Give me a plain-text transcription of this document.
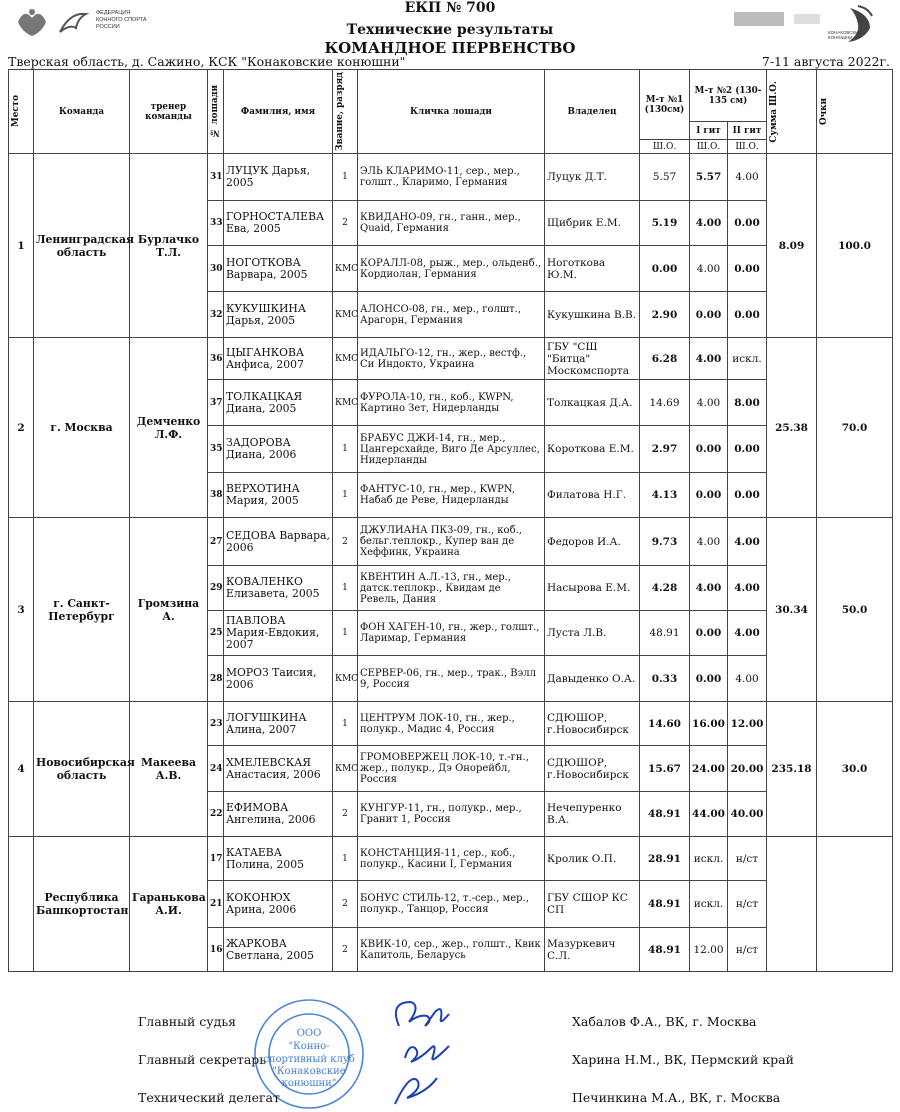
ФЕДЕРАЦИЯ
КОННОГО СПОРТА
РОССИИ
ЕКП № 700
Технические результаты
КОМАНДНОЕ ПЕРВЕНСТВО
КОНАКОВСКИЕ
КОНЮШНИ
Тверская область, д. Сажино, КСК "Конаковские конюшни"	7-11 августа 2022г.
Место	Команда	тренер команды	№ лошади	Фамилия, имя	Звание, разряд	Кличка лошади	Владелец	М-т №1 (130см)	М-т №2 (130-135 см)		Сумма Ш.О.	Очки

									I гит	II гит		
								Ш.О.	Ш.О.	Ш.О.		
1	Ленинградская область	Бурлачко Т.Л.	31	ЛУЦУК Дарья, 2005	1	ЭЛЬ КЛАРИМО-11, сер., мер., голшт., Кларимо, Германия	Луцук Д.Т.	5.57	5.57	4.00	8.09	100.0
			33	ГОРНОСТАЛЕВА Ева, 2005	2	КВИДАНО-09, гн., ганн., мер., Quaid, Германия	Щибрик Е.М.	5.19	4.00	0.00		
			30	НОГОТКОВА Варвара, 2005	КМС	КОРАЛЛ-08, рыж., мер., ольденб., Кордиолан, Германия	Ноготкова Ю.М.	0.00	4.00	0.00		
			32	КУКУШКИНА Дарья, 2005	КМС	АЛОНСО-08, гн., мер., голшт., Арагорн, Германия	Кукушкина В.В.	2.90	0.00	0.00		
2	г. Москва	Демченко Л.Ф.	36	ЦЫГАНКОВА Анфиса, 2007	КМС	ИДАЛЬГО-12, гн., жер., вестф., Си Индокто, Украина	ГБУ "СШ "Битца" Москомспорта	6.28	4.00	искл.	25.38	70.0
			37	ТОЛКАЦКАЯ Диана, 2005	КМС	ФУРОЛА-10, гн., коб., KWPN, Картино Зет, Нидерланды	Толкацкая Д.А.	14.69	4.00	8.00		
			35	ЗАДОРОВА Диана, 2006	1	БРАБУС ДЖИ-14, гн., мер., Цангерсхайде, Виго Де Арсуллес, Нидерланды	Короткова Е.М.	2.97	0.00	0.00		
			38	ВЕРХОТИНА Мария, 2005	1	ФАНТУС-10, гн., мер., KWPN, Набаб де Реве, Нидерланды	Филатова Н.Г.	4.13	0.00	0.00		
3	г. Санкт-Петербург	Громзина А.	27	СЕДОВА Варвара, 2006	2	ДЖУЛИАНА ПКЗ-09, гн., коб., бельг.теплокр., Купер ван де Хеффинк, Украина	Федоров И.А.	9.73	4.00	4.00	30.34	50.0
			29	КОВАЛЕНКО Елизавета, 2005	1	КВЕНТИН А.Л.-13, гн., мер., датск.теплокр., Квидам де Ревель, Дания	Насырова Е.М.	4.28	4.00	4.00		
			25	ПАВЛОВА Мария-Евдокия, 2007	1	ФОН ХАГЕН-10, гн., жер., голшт., Ларимар, Германия	Луста Л.В.	48.91	0.00	4.00		
			28	МОРОЗ Таисия, 2006	КМС	СЕРВЕР-06, гн., мер., трак., Вэлл 9, Россия	Давыденко О.А.	0.33	0.00	4.00		
4	Новосибирская область	Макеева А.В.	23	ЛОГУШКИНА Алина, 2007	1	ЦЕНТРУМ ЛОК-10, гн., жер., полукр., Мадис 4, Россия	СДЮШОР, г.Новосибирск	14.60	16.00	12.00	235.18	30.0
			24	ХМЕЛЕВСКАЯ Анастасия, 2006	КМС	ГРОМОВЕРЖЕЦ ЛОК-10, т.-гн., жер., полукр., Дэ Онорейбл, Россия	СДЮШОР, г.Новосибирск	15.67	24.00	20.00		
			22	ЕФИМОВА Ангелина, 2006	2	КУНГУР-11, гн., полукр., мер., Гранит 1, Россия	Нечепуренко В.А.	48.91	44.00	40.00		
	Республика Башкортостан	Гаранькова А.И.	17	КАТАЕВА Полина, 2005	1	КОНСТАНЦИЯ-11, сер., коб., полукр., Касини I, Германия	Кролик О.П.	28.91	искл.	н/ст		
			21	КОКОНЮХ Арина, 2006	2	БОНУС СТИЛЬ-12, т.-сер., мер., полукр., Танцор, Россия	ГБУ СШОР КС СП	48.91	искл.	н/ст		
			16	ЖАРКОВА Светлана, 2005	2	КВИК-10, сер., жер., голшт., Квик Капитоль, Беларусь	Мазуркевич С.Л.	48.91	12.00	н/ст		
ООО
"Конно-
спортивный клуб
"Конаковские
конюшни"
Главный судья
Главный секретарь
Технический делегат
Хабалов Ф.А., ВК, г. Москва
Харина Н.М., ВК, Пермский край
Печинкина М.А., ВК, г. Москва
